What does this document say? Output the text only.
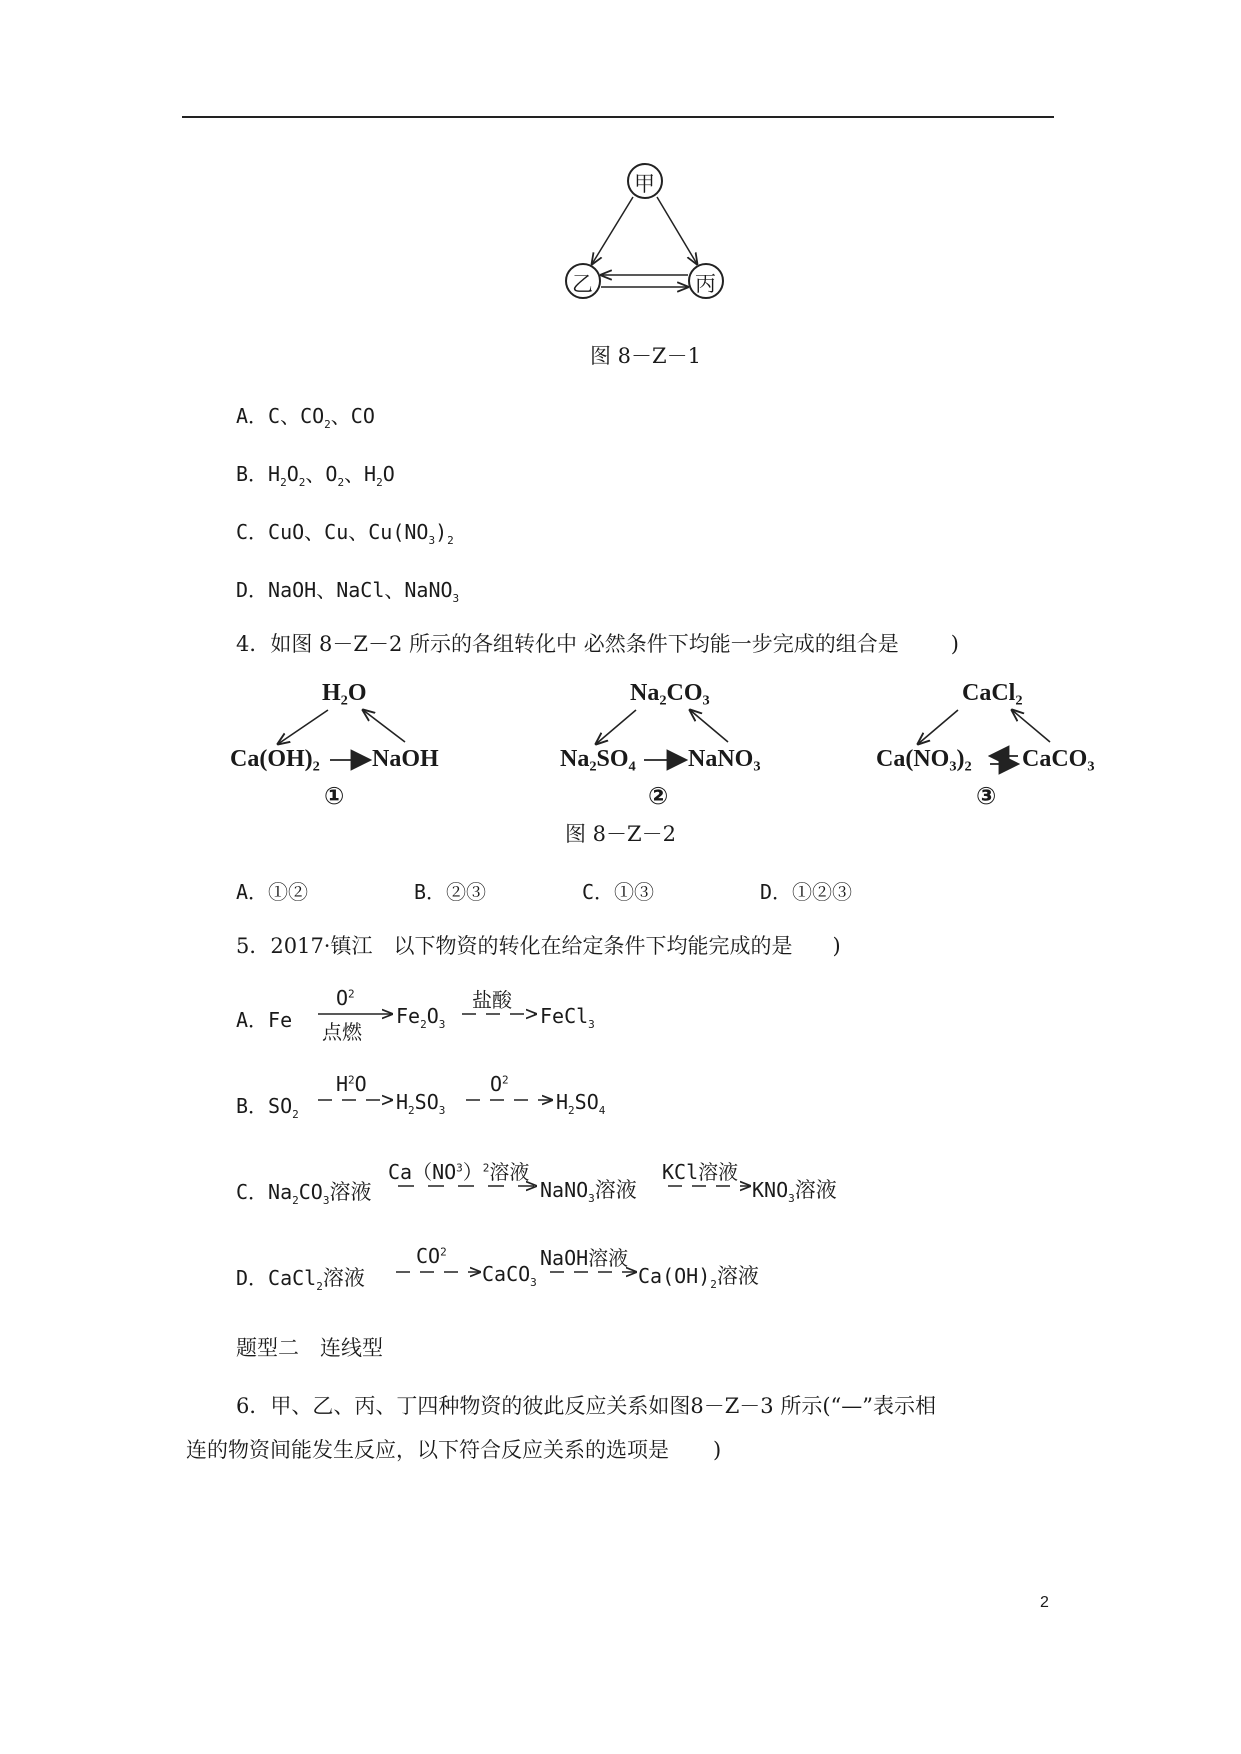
甲
乙	丙
图 8－Z－1
A．C、$CO_2$、CO
B．$H_2O_2$、$O_2$、$H_2O$
C．CuO、Cu、$Cu(NO_3)_2$
D．NaOH、NaCl、NaNO$_3$
4．如图 8－Z－2 所示的各组转化中 必然条件下均能一步完成的组合是 )
H₂O
Ca(OH)₂ NaOH
①
Na₂CO₃
Na₂SO₄ NaNO₃
②
CaCl₂
Ca(NO₃)₂ CaCO₃
③
图 8－Z－2
A．①②	B．②③	C．①③	D．①②③
5．2017·镇江　以下物资的转化在给定条件下均能完成的是 )
A．Fe
$O^2$
点燃
$Fe_2O_3$
盐酸
FeCl$_3$
B．$SO_2$
$H^2O$
$H_2SO_3$
$O^2$
$H_2SO_4$
C．$Na_2CO_3$溶液
$Ca(NO^3)^2$溶液
NaNO$_3$溶液
KCl溶液
$KNO_3$溶液
D．CaCl$_2$溶液
$CO^2$
CaCO$_3$
NaOH溶液
$Ca(OH)_2$溶液
题型二　连线型
6．甲、乙、丙、丁四种物资的彼此反应关系如图8－Z－3 所示(“—”表示相
连的物资间能发生反应，以下符合反应关系的选项是 )
2
